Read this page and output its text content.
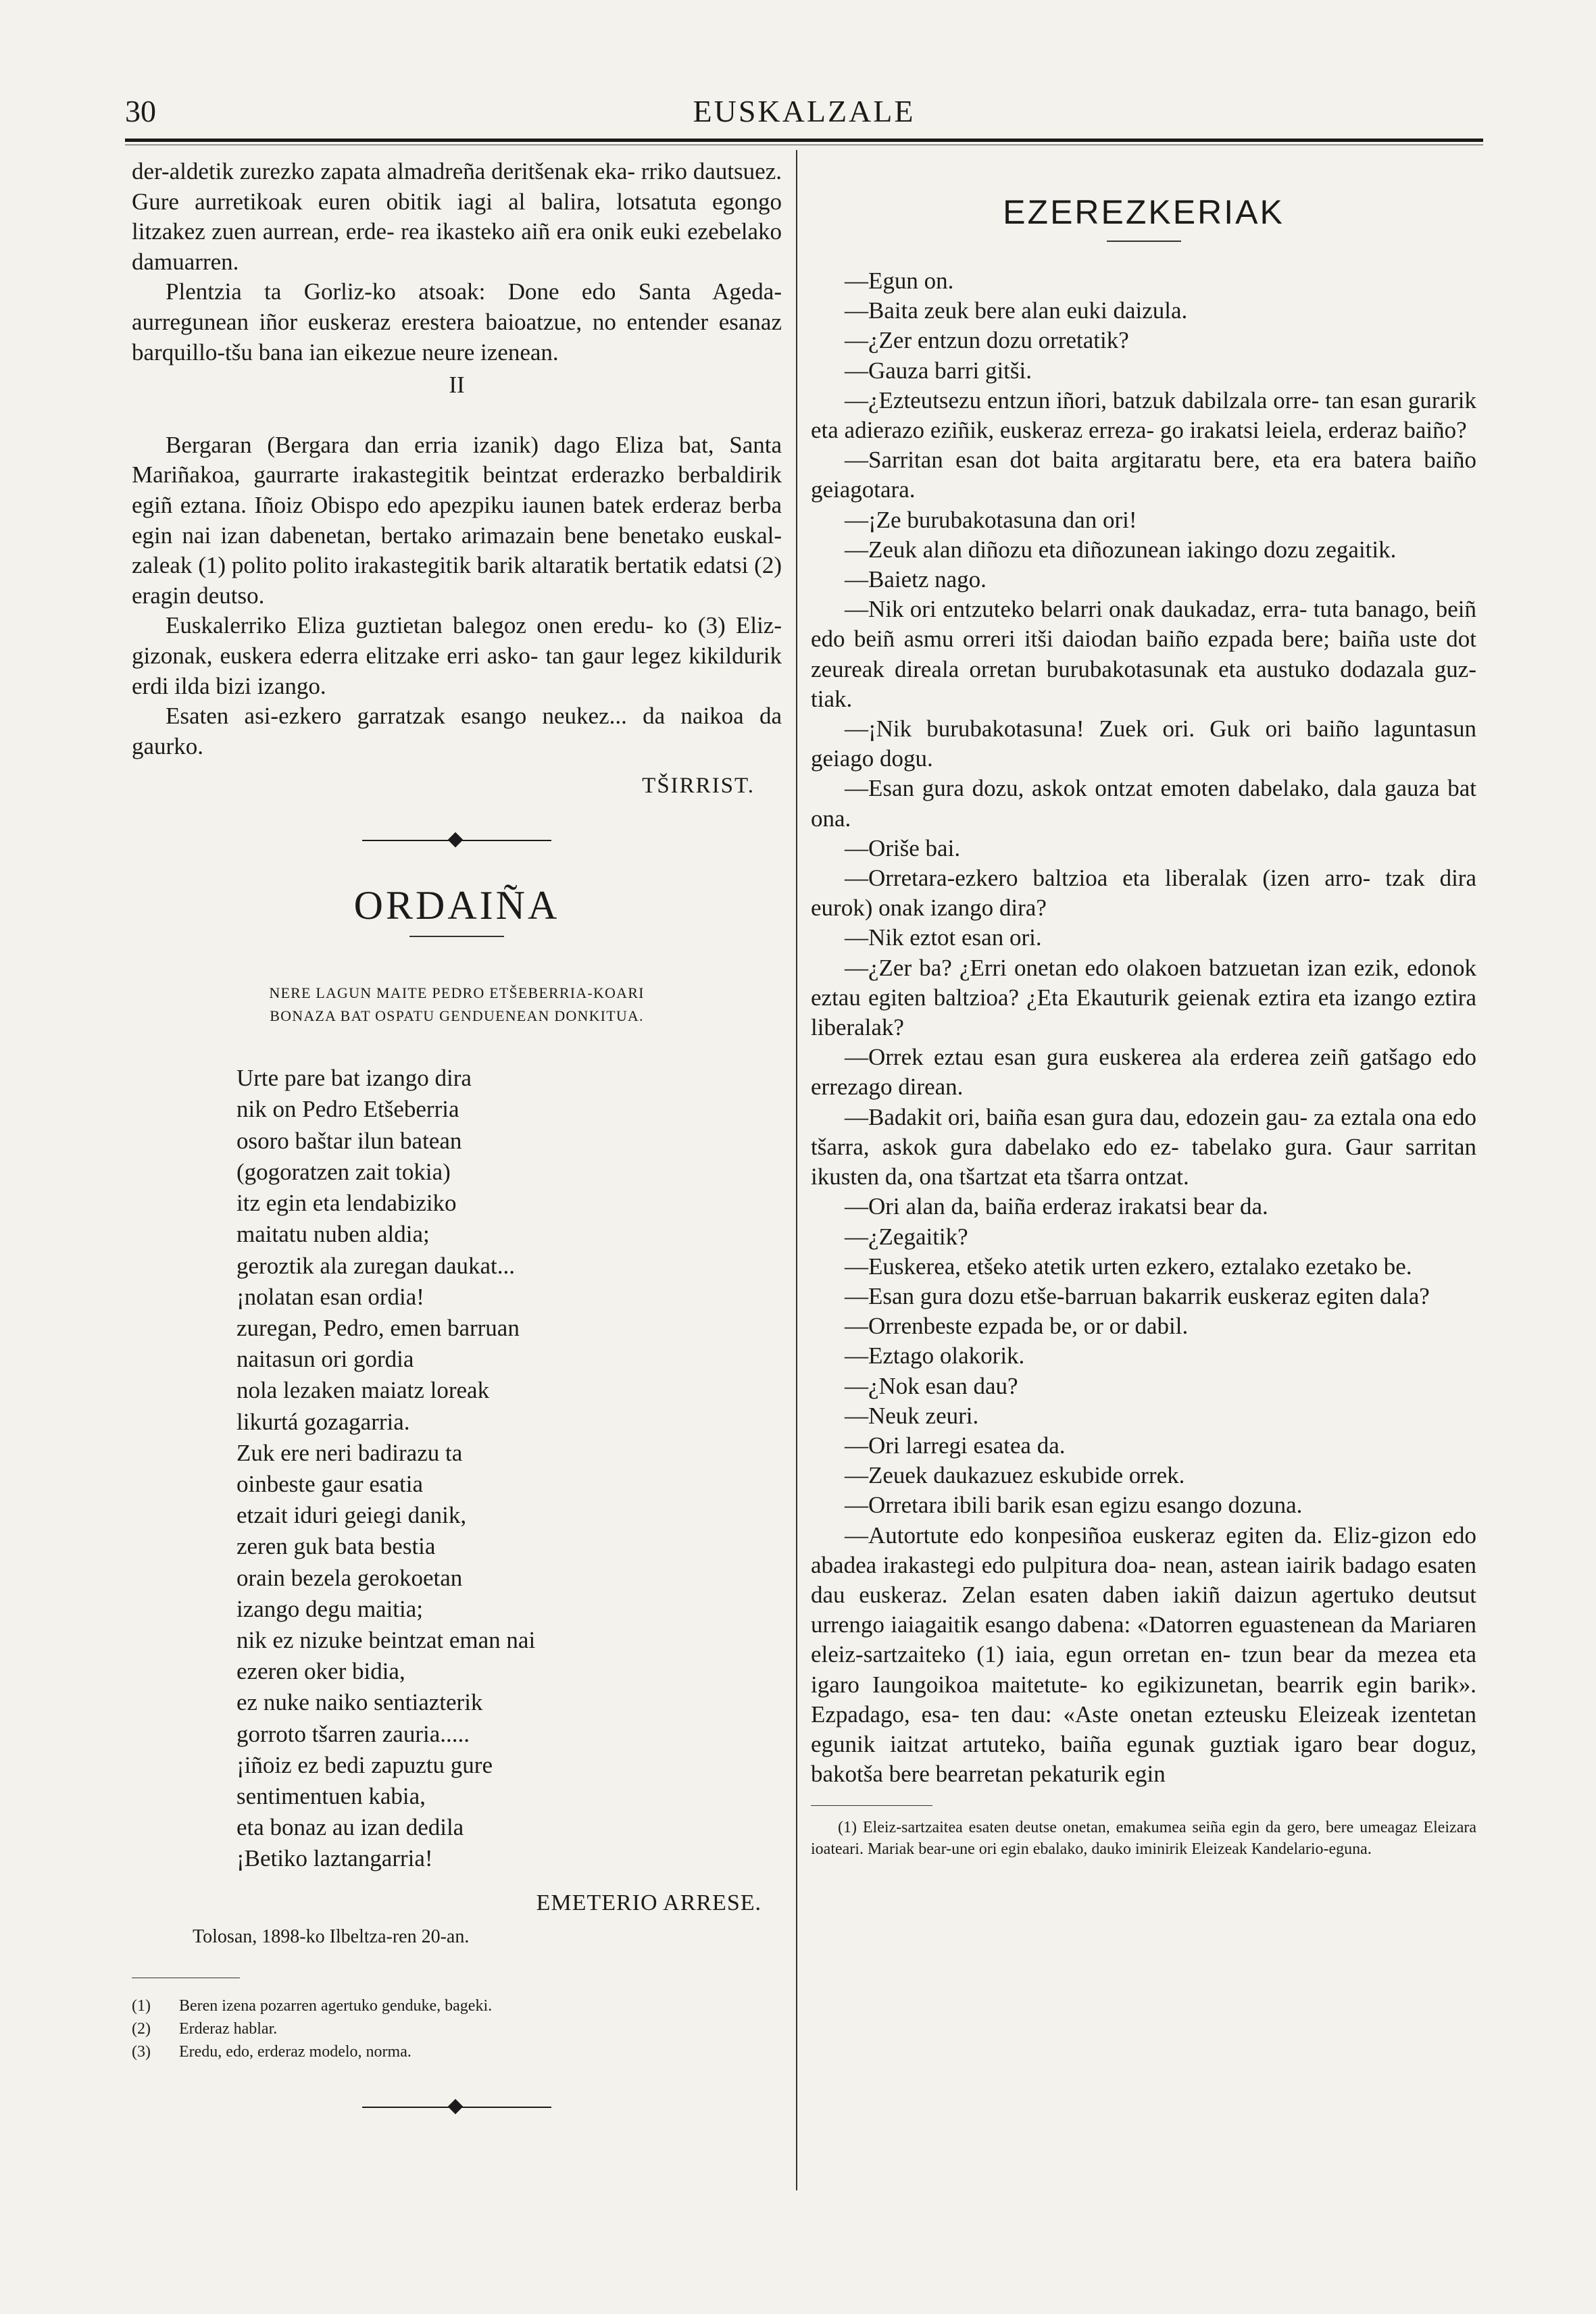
30	EUSKALZALE

der-aldetik zurezko zapata almadreña deritšenak eka- rriko dautsuez. Gure aurretikoak euren obitik iagi al balira, lotsatuta egongo litzakez zuen aurrean, erde- rea ikasteko aiñ era onik euki ezebelako damuarren.

Plentzia ta Gorliz-ko atsoak: Done edo Santa Ageda-aurregunean iñor euskeraz erestera baioatzue, no entender esanaz barquillo-tšu bana ian eikezue neure izenean.

II

Bergaran (Bergara dan erria izanik) dago Eliza bat, Santa Mariñakoa, gaurrarte irakastegitik beintzat erderazko berbaldirik egiñ eztana. Iñoiz Obispo edo apezpiku iaunen batek erderaz berba egin nai izan dabenetan, bertako arimazain bene benetako euskal- zaleak (1) polito polito irakastegitik barik altaratik bertatik edatsi (2) eragin deutso.

Euskalerriko Eliza guztietan balegoz onen eredu- ko (3) Eliz-gizonak, euskera ederra elitzake erri asko- tan gaur legez kikildurik erdi ilda bizi izango.

Esaten asi-ezkero garratzak esango neukez... da naikoa da gaurko.

TŠIRRIST.
ORDAIÑA
NERE LAGUN MAITE PEDRO ETŠEBERRIA-KOARI
BONAZA BAT OSPATU GENDUENEAN DONKITUA.

Urte pare bat izango dira

nik on Pedro Etšeberria

osoro baštar ilun batean

(gogoratzen zait tokia)

itz egin eta lendabiziko

maitatu nuben aldia;

geroztik ala zuregan daukat...

¡nolatan esan ordia!

zuregan, Pedro, emen barruan

naitasun ori gordia

nola lezaken maiatz loreak

likurtá gozagarria.

Zuk ere neri badirazu ta

oinbeste gaur esatia

etzait iduri geiegi danik,

zeren guk bata bestia

orain bezela gerokoetan

izango degu maitia;

nik ez nizuke beintzat eman nai

ezeren oker bidia,

ez nuke naiko sentiazterik

gorroto tšarren zauria.....

¡iñoiz ez bedi zapuztu gure

sentimentuen kabia,

eta bonaz au izan dedila

¡Betiko laztangarria!

EMETERIO ARRESE.
Tolosan, 1898-ko Ilbeltza-ren 20-an.

(1) Beren izena pozarren agertuko genduke, bageki.

(2) Erderaz hablar.

(3) Eredu, edo, erderaz modelo, norma.

EZEREZKERIAK

—Egun on.

—Baita zeuk bere alan euki daizula.

—¿Zer entzun dozu orretatik?

—Gauza barri gitši.

—¿Ezteutsezu entzun iñori, batzuk dabilzala orre- tan esan gurarik eta adierazo eziñik, euskeraz erreza- go irakatsi leiela, erderaz baiño?

—Sarritan esan dot baita argitaratu bere, eta era batera baiño geiagotara.

—¡Ze burubakotasuna dan ori!

—Zeuk alan diñozu eta diñozunean iakingo dozu zegaitik.

—Baietz nago.

—Nik ori entzuteko belarri onak daukadaz, erra- tuta banago, beiñ edo beiñ asmu orreri itši daiodan baiño ezpada bere; baiña uste dot zeureak direala orretan burubakotasunak eta austuko dodazala guz- tiak.

—¡Nik burubakotasuna! Zuek ori. Guk ori baiño laguntasun geiago dogu.

—Esan gura dozu, askok ontzat emoten dabelako, dala gauza bat ona.

—Oriše bai.

—Orretara-ezkero baltzioa eta liberalak (izen arro- tzak dira eurok) onak izango dira?

—Nik eztot esan ori.

—¿Zer ba? ¿Erri onetan edo olakoen batzuetan izan ezik, edonok eztau egiten baltzioa? ¿Eta Ekauturik geienak eztira eta izango eztira liberalak?

—Orrek eztau esan gura euskerea ala erderea zeiñ gatšago edo errezago direan.

—Badakit ori, baiña esan gura dau, edozein gau- za eztala ona edo tšarra, askok gura dabelako edo ez- tabelako gura. Gaur sarritan ikusten da, ona tšartzat eta tšarra ontzat.

—Ori alan da, baiña erderaz irakatsi bear da.

—¿Zegaitik?

—Euskerea, etšeko atetik urten ezkero, eztalako ezetako be.

—Esan gura dozu etše-barruan bakarrik euskeraz egiten dala?

—Orrenbeste ezpada be, or or dabil.

—Eztago olakorik.

—¿Nok esan dau?

—Neuk zeuri.

—Ori larregi esatea da.

—Zeuek daukazuez eskubide orrek.

—Orretara ibili barik esan egizu esango dozuna.

—Autortute edo konpesiñoa euskeraz egiten da. Eliz-gizon edo abadea irakastegi edo pulpitura doa- nean, astean iairik badago esaten dau euskeraz. Zelan esaten daben iakiñ daizun agertuko deutsut urrengo iaiagaitik esango dabena: «Datorren eguastenean da Mariaren eleiz-sartzaiteko (1) iaia, egun orretan en- tzun bear da mezea eta igaro Iaungoikoa maitetute- ko egikizunetan, bearrik egin barik». Ezpadago, esa- ten dau: «Aste onetan ezteusku Eleizeak izentetan egunik iaitzat artuteko, baiña egunak guztiak igaro bear doguz, bakotša bere bearretan pekaturik egin

(1) Eleiz-sartzaitea esaten deutse onetan, emakumea seiña egin da gero, bere umeagaz Eleizara ioateari. Mariak bear-une ori egin ebalako, dauko iminirik Eleizeak Kandelario-eguna.
